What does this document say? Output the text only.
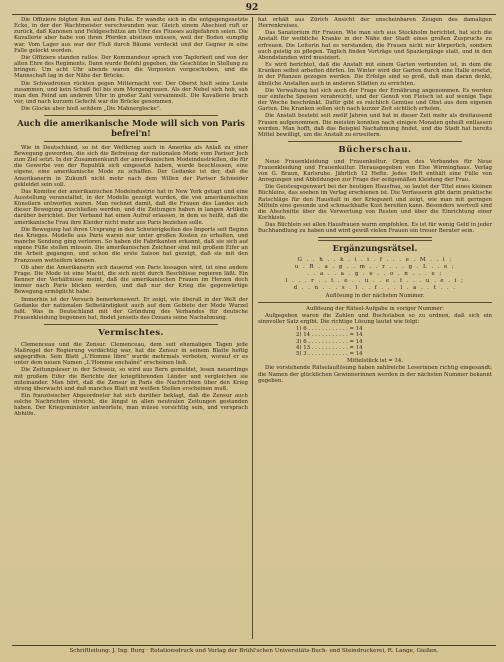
92

Die Offiziere folgten ihm auf dem Fuße. Er wandte sich in die entgegengesetzte Ecke, in der der Wachtmeister verschwunden war. Gleich einem Abschied ruft er zurück, daß Kanonen und Feldgeschütze am Ufer des Flusses aufgefahren seien. Die Kavallerie aber habe von ihren Pferden absitzen müssen, weil der Boden sumpfig war. Vom Lager aus war der Fluß durch Bäume verdeckt und der Gegner in eine Falle gelockt worden.

Die Offiziere standen ratlos. Der Kommandeur sprach von Tapferkeit und von der alten Ehre des Regiments. Dann wurde Befehl gegeben, die Geschütze in Stellung zu bringen. Um acht Uhr abends waren die Vorposten vorgeschoben, und die Mannschaft lag in der Nähe der Brücke.

Die Schwadronen rückten gegen Mitternacht vor. Der Oberst hielt seine Leute zusammen, und kein Schuß fiel bis zum Morgengrauen. Als der Nebel sich hob, sah man den Feind am anderen Ufer in großer Zahl versammelt. Die Kavallerie brach vor, und nach kurzem Gefecht war die Brücke genommen.

Die Glocke aber hieß seitdem „Die Mahnerglocke".

Auch die amerikanische Mode will sich von Paris befrei'n!

Wie in Deutschland, so ist der Weltkrieg auch in Amerika als Anlaß zu einer Bewegung geworden, die sich die Befreiung der nationalen Mode vom Pariser Joch zum Ziel setzt. In der Zusammenkunft der amerikanischen Modeindustriellen, die für die Gewerbe von der Republik sich eingesetzt haben, wurde beschlossen, eine eigene, eine amerikanische Mode zu schaffen. Der Gedanke ist der, daß die Amerikanerin in Zukunft nicht mehr nach dem Willen der Pariser Schneider gekleidet sein soll.

Das Komitee der amerikanischen Modeindustrie hat in New York getagt und eine Ausstellung veranstaltet, in der Modelle gezeigt wurden, die von amerikanischen Künstlern entworfen waren. Man rechnet damit, daß die Frauen des Landes sich dieser Bewegung anschließen werden, und die Zeitungen haben in langen Artikeln darüber berichtet. Der Verband hat einen Aufruf erlassen, in dem es heißt, daß die amerikanische Frau ihre Kleider nicht mehr aus Paris beziehen solle.

Die Bewegung hat ihren Ursprung in den Schwierigkeiten des Imports seit Beginn des Krieges. Modelle aus Paris waren nur unter großen Kosten zu erhalten, und manche Sendung ging verloren. So haben die Fabrikanten erkannt, daß sie sich auf eigene Füße stellen müssen. Die amerikanischen Zeichner sind mit großem Eifer an die Arbeit gegangen, und schon die erste Saison hat gezeigt, daß sie mit den Franzosen wetteifern können.

Ob aber die Amerikanerin sich dauernd von Paris lossagen wird, ist eine andere Frage. Die Mode ist eine Macht, die sich nicht durch Beschlüsse regieren läßt. Ein Kenner der Verhältnisse meint, daß die amerikanischen Frauen im Herzen doch immer nach Paris blicken werden, und daß nur der Krieg die gegenwärtige Bewegung ermöglicht habe.

Immerhin ist der Versuch bemerkenswert. Er zeigt, wie überall in der Welt der Gedanke der nationalen Selbständigkeit auch auf dem Gebiete der Mode Wurzel faßt. Was in Deutschland mit der Gründung des Verbandes für deutsche Frauenkleidung begonnen hat, findet jenseits des Ozeans seine Nachahmung.

Vermischtes.

Clemenceau und die Zensur. Clemenceau, dem seit ehemaligen Tagen jede Maßregel der Regierung verdächtig war, hat die Zensur in seinem Blatte heftig angegriffen. Sein Blatt „L'Homme libre" wurde mehrmals verboten, worauf er es unter dem neuen Namen „L'Homme enchaîné" erscheinen ließ.

Die Zeitungsleser in der Schweiz, so wird aus Bern gemeldet, lesen neuerdings mit großem Eifer die Berichte der kriegführenden Länder und vergleichen sie miteinander. Man hört, daß die Zensur in Paris die Nachrichten über den Krieg streng überwacht und daß manches Blatt mit weißen Stellen erscheinen muß.

Ein französischer Abgeordneter hat sich darüber beklagt, daß die Zensur auch solche Nachrichten streicht, die längst in allen neutralen Zeitungen gestanden haben. Der Kriegsminister antwortete, man müsse vorsichtig sein, und versprach Abhilfe.

hat erhält aus Zürich Ansicht der unscheinbaren Zeugen des damaligen Herrenkreises.

Das Sanatorium für Frauen. Wie man sich aus Stockholm berichtet, hat sich die Anstalt für weibliche Kranke in der Nähe der Stadt eines großen Zuspruchs zu erfreuen. Die Leiterin hat es verstanden, die Frauen nicht nur körperlich, sondern auch geistig zu pflegen. Täglich finden Vorträge und Spaziergänge statt, und in den Abendstunden wird musiziert.

Es wird berichtet, daß die Anstalt mit einem Garten verbunden ist, in dem die Kranken selbst arbeiten dürfen. Im Winter wird der Garten durch eine Halle ersetzt, in der Pflanzen gezogen werden. Die Erfolge sind so groß, daß man daran denkt, ähnliche Anstalten auch in anderen Städten zu errichten.

Die Verwaltung hat sich auch der Frage der Ernährung angenommen. Es werden nur einfache Speisen verabreicht, und der Genuß von Fleisch ist auf wenige Tage der Woche beschränkt. Dafür gibt es reichlich Gemüse und Obst aus dem eigenen Garten. Die Kranken sollen sich nach kurzer Zeit sichtlich erholen.

Die Anstalt besteht seit zwölf Jahren und hat in dieser Zeit mehr als dreitausend Frauen aufgenommen. Die meisten konnten nach einigen Monaten geheilt entlassen werden. Man hofft, daß das Beispiel Nachahmung findet, und die Stadt hat bereits Mittel bewilligt, um die Anstalt zu erweitern.

Bücherschau.

Neue Frauenkleidung und Frauenkultur. Organ des Verbandes für Neue Frauenkleidung und Frauenkultur. Herausgegeben von Else Wirminghaus. Verlag von G. Braun, Karlsruhe. Jährlich 12 Hefte. Jedes Heft enthält eine Fülle von Anregungen und Abbildungen zur Frage der zeitgemäßen Kleidung der Frau.

Die Geistesgegenwart bei der heutigen Hausfrau, so lautet der Titel eines kleinen Büchleins, das soeben im Verlag erschienen ist. Die Verfasserin gibt darin praktische Ratschläge für den Haushalt in der Kriegszeit und zeigt, wie man mit geringen Mitteln eine gesunde und schmackhafte Kost bereiten kann. Besonders wertvoll sind die Abschnitte über die Verwertung von Resten und über die Einrichtung einer Kochkiste.

Das Büchlein sei allen Hausfrauen warm empfohlen. Es ist für wenig Geld in jeder Buchhandlung zu haben und wird gewiß vielen Frauen ein treuer Berater sein.

Ergänzungsrätsel.

G . . h . . k . i . i . f . . . e . M . . i ;

u . R . a . g . . m . . r . . . g . L . . e ;

. . a . . a . g . e . . o . n . . . e ;

l . . . r . . t . e . . u . . e . t . . . u . e . i ;

d . . n . . . s . l . . f . . . l . a . . t . . .

Auflösung in der nächsten Nummer.

Auflösung der Rätsel-Aufgabe in voriger Nummer:

Aufgegeben waren die Zahlen und Buchstaben so zu ordnen, daß sich ein sinnvoller Satz ergibt. Die richtige Lösung lautet wie folgt:

1) 6 . . . . . . . . . . . . = 14

2) 14 . . . . . . . . . . . = 14

3) 6 . . . . . . . . . . . . = 14

4) 13 . . . . . . . . . . . = 14

5) 3 . . . . . . . . . . . . = 14

Mittelstück ist = 14.

Die vorstehende Rätselauflösung haben zahlreiche Leserinnen richtig eingesandt; die Namen der glücklichen Gewinnerinnen werden in der nächsten Nummer bekannt gegeben.

Schriftleitung: J. Ing. Burg · Rotationsdruck und Verlag der Brühl'schen Universitäts-Buch- und Steindruckerei, R. Lange, Gießen.
